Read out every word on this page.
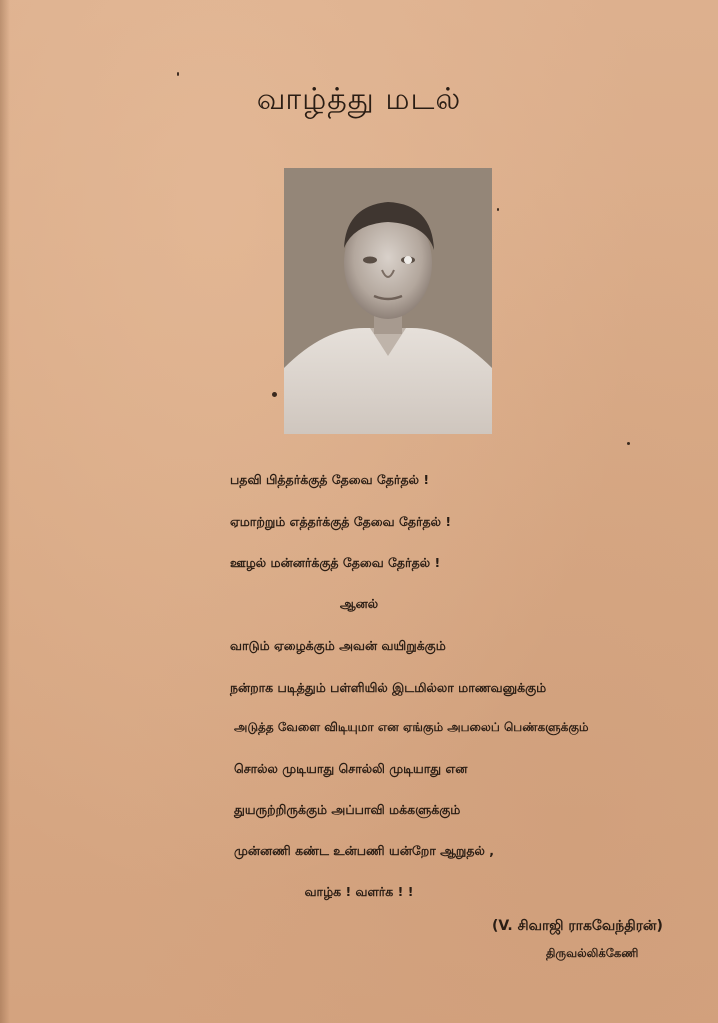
வாழ்த்து மடல்
பதவி பித்தர்க்குத் தேவை தேர்தல் !
ஏமாற்றும் எத்தர்க்குத் தேவை தேர்தல் !
ஊழல் மன்னர்க்குத் தேவை தேர்தல் !
ஆனல்
வாடும் ஏழைக்கும் அவன் வயிறுக்கும்
நன்றாக படித்தும் பள்ளியில் இடமில்லா மாணவனுக்கும்
அடுத்த வேளை விடியுமா என ஏங்கும் அபலைப் பெண்களுக்கும்
சொல்ல முடியாது சொல்லி முடியாது என
துயருற்றிருக்கும் அப்பாவி மக்களுக்கும்
முன்னணி கண்ட உன்பணி யன்றோ ஆறுதல் ,
வாழ்க ! வளர்க ! !
(V. சிவாஜி ராகவேந்திரன்)
திருவல்லிக்கேணி
